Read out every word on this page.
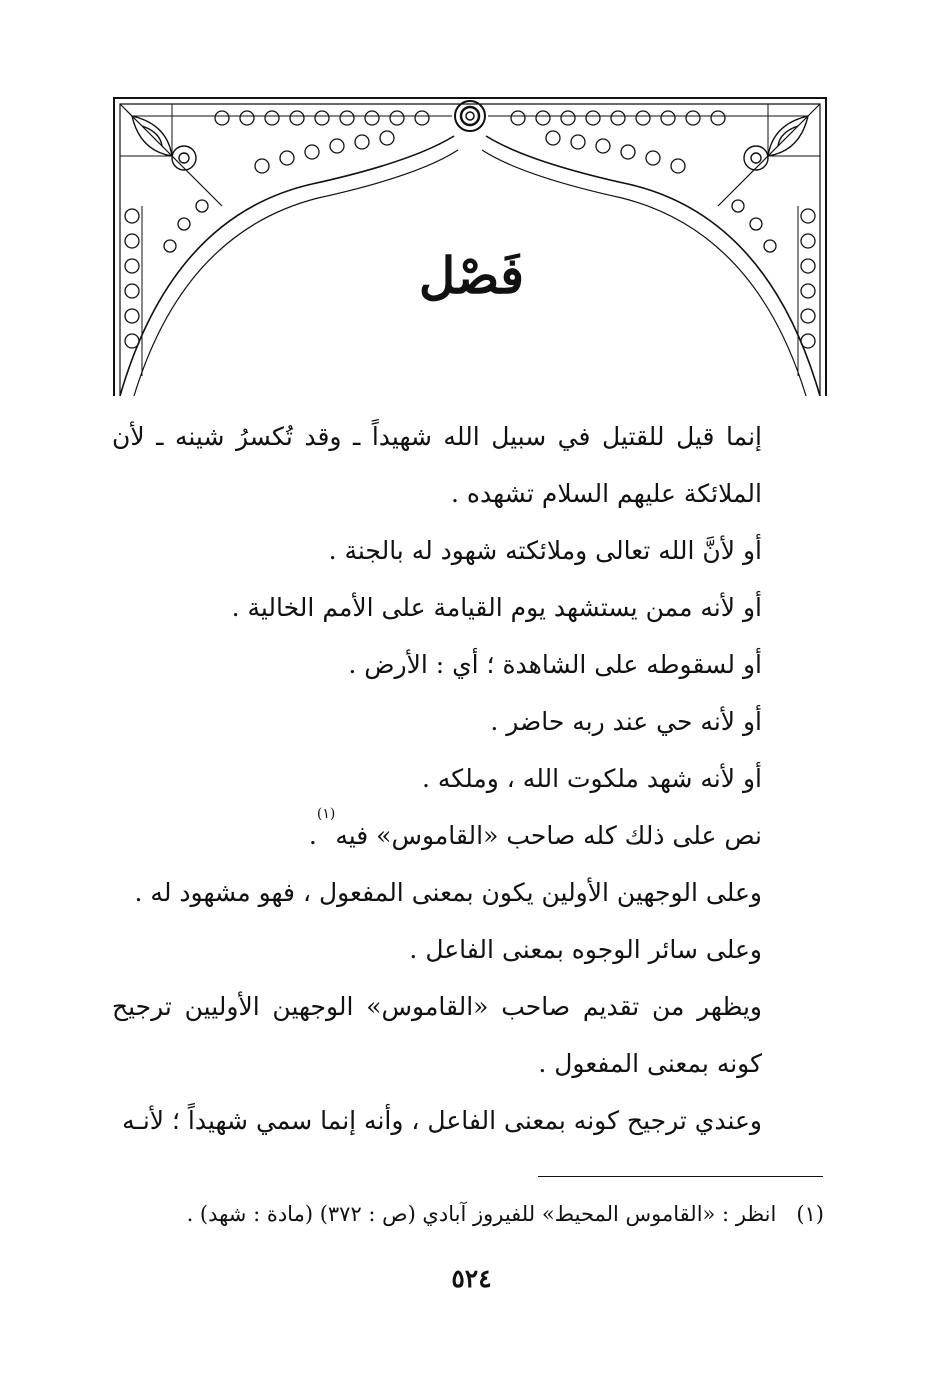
فَصْل

إنما قيل للقتيل في سبيل الله شهيداً ـ وقد تُكسرُ شينه ـ لأن الملائكة عليهم السلام تشهده .

أو لأنَّ الله تعالى وملائكته شهود له بالجنة .

أو لأنه ممن يستشهد يوم القيامة على الأمم الخالية .

أو لسقوطه على الشاهدة ؛ أي : الأرض .

أو لأنه حي عند ربه حاضر .

أو لأنه شهد ملكوت الله ، وملكه .

نص على ذلك كله صاحب «القاموس» فيه$^{(١)}$.

وعلى الوجهين الأولين يكون بمعنى المفعول ، فهو مشهود له .

وعلى سائر الوجوه بمعنى الفاعل .

ويظهر من تقديم صاحب «القاموس» الوجهين الأوليين ترجيح كونه بمعنى المفعول .

وعندي ترجيح كونه بمعنى الفاعل ، وأنه إنما سمي شهيداً ؛ لأنـه

(١)انظر : «القاموس المحيط» للفيروز آبادي (ص : ٣٧٢) (مادة : شهد) .
٥٢٤
